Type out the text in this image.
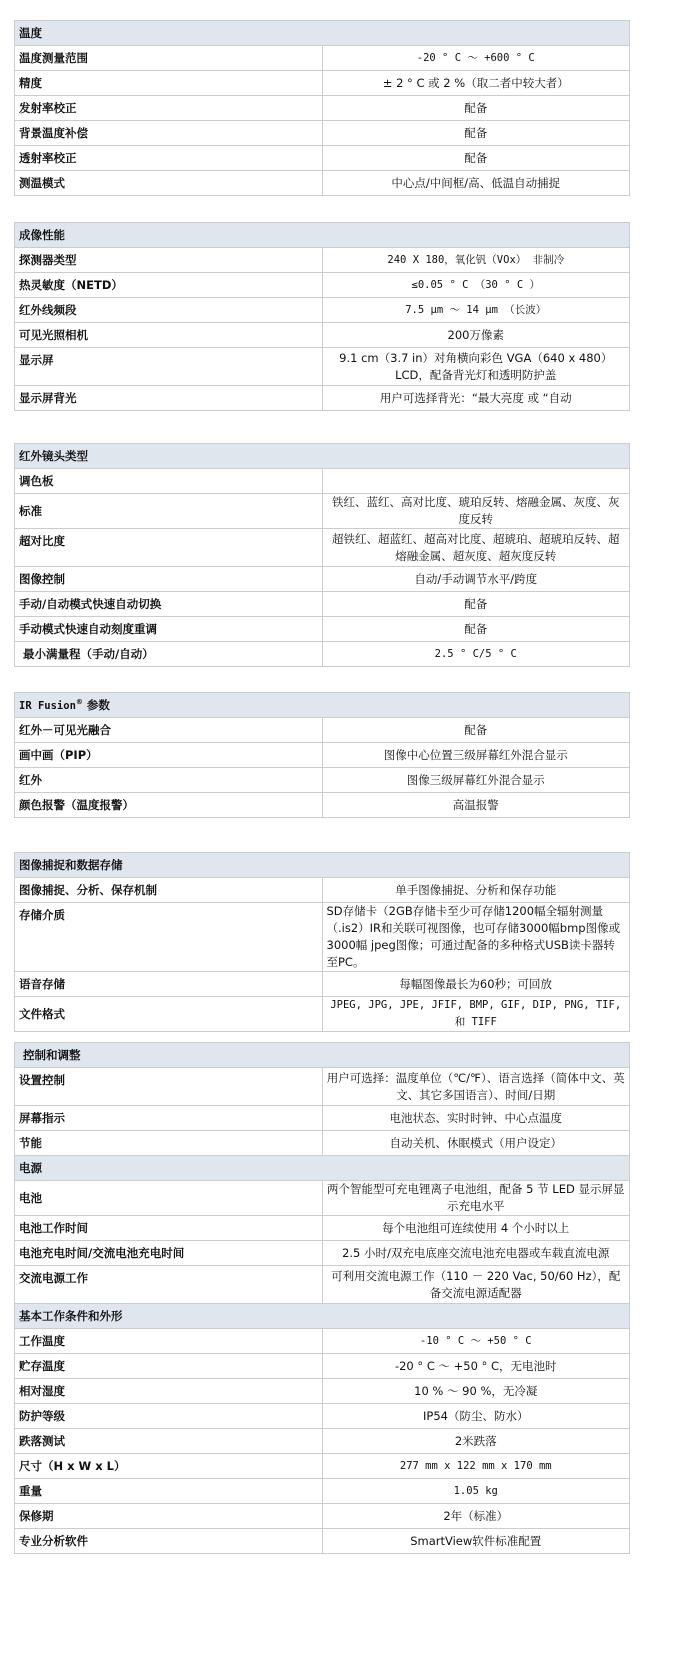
温度	
温度测量范围	-20 ° C ～ +600 ° C
精度	± 2 ° C 或 2 %（取二者中较大者）
发射率校正	配备
背景温度补偿	配备
透射率校正	配备
测温模式	中心点/中间框/高、低温自动捕捉
成像性能	
探测器类型	240 X 180，氧化钒（VOx） 非制冷
热灵敏度（NETD）	≤0.05 ° C （30 ° C ）
红外线频段	7.5 μm ～ 14 μm （长波）
可见光照相机	200万像素
显示屏	9.1 cm（3.7 in）对角横向彩色 VGA（640 x 480）LCD，配备背光灯和透明防护盖
显示屏背光	用户可选择背光：“最大亮度 或 “自动
红外镜头类型	
调色板	
标准	铁红、蓝红、高对比度、琥珀反转、熔融金属、灰度、灰度反转
超对比度	超铁红、超蓝红、超高对比度、超琥珀、超琥珀反转、超熔融金属、超灰度、超灰度反转
图像控制	自动/手动调节水平/跨度
手动/自动模式快速自动切换	配备
手动模式快速自动刻度重调	配备
最小满量程（手动/自动）	2.5 ° C/5 ° C
IR Fusion® 参数	
红外－可见光融合	配备
画中画（PIP）	图像中心位置三级屏幕红外混合显示
红外	图像三级屏幕红外混合显示
颜色报警（温度报警）	高温报警
图像捕捉和数据存储	
图像捕捉、分析、保存机制	单手图像捕捉、分析和保存功能
存储介质	SD存储卡（2GB存储卡至少可存储1200幅全辐射测量（.is2）IR和关联可视图像，也可存储3000幅bmp图像或3000幅 jpeg图像；可通过配备的多种格式USB读卡器转至PC。
语音存储	每幅图像最长为60秒；可回放
文件格式	JPEG, JPG, JPE, JFIF, BMP, GIF, DIP, PNG, TIF, 和 TIFF
控制和调整	
设置控制	用户可选择：温度单位（℃/℉）、语言选择（简体中文、英文、其它多国语言）、时间/日期
屏幕指示	电池状态、实时时钟、中心点温度
节能	自动关机、休眠模式（用户设定）
电源	
电池	两个智能型可充电锂离子电池组，配备 5 节 LED 显示屏显示充电水平
电池工作时间	每个电池组可连续使用 4 个小时以上
电池充电时间/交流电池充电时间	2.5 小时/双充电底座交流电池充电器或车载直流电源
交流电源工作	可利用交流电源工作（110 － 220 Vac, 50/60 Hz），配备交流电源适配器
基本工作条件和外形	
工作温度	-10 ° C ～ +50 ° C
贮存温度	-20 ° C ～ +50 ° C，无电池时
相对湿度	10 % ～ 90 %，无冷凝
防护等级	IP54（防尘、防水）
跌落测试	2米跌落
尺寸（H x W x L）	277 mm x 122 mm x 170 mm
重量	1.05 kg
保修期	2年（标准）
专业分析软件	SmartView软件标准配置
